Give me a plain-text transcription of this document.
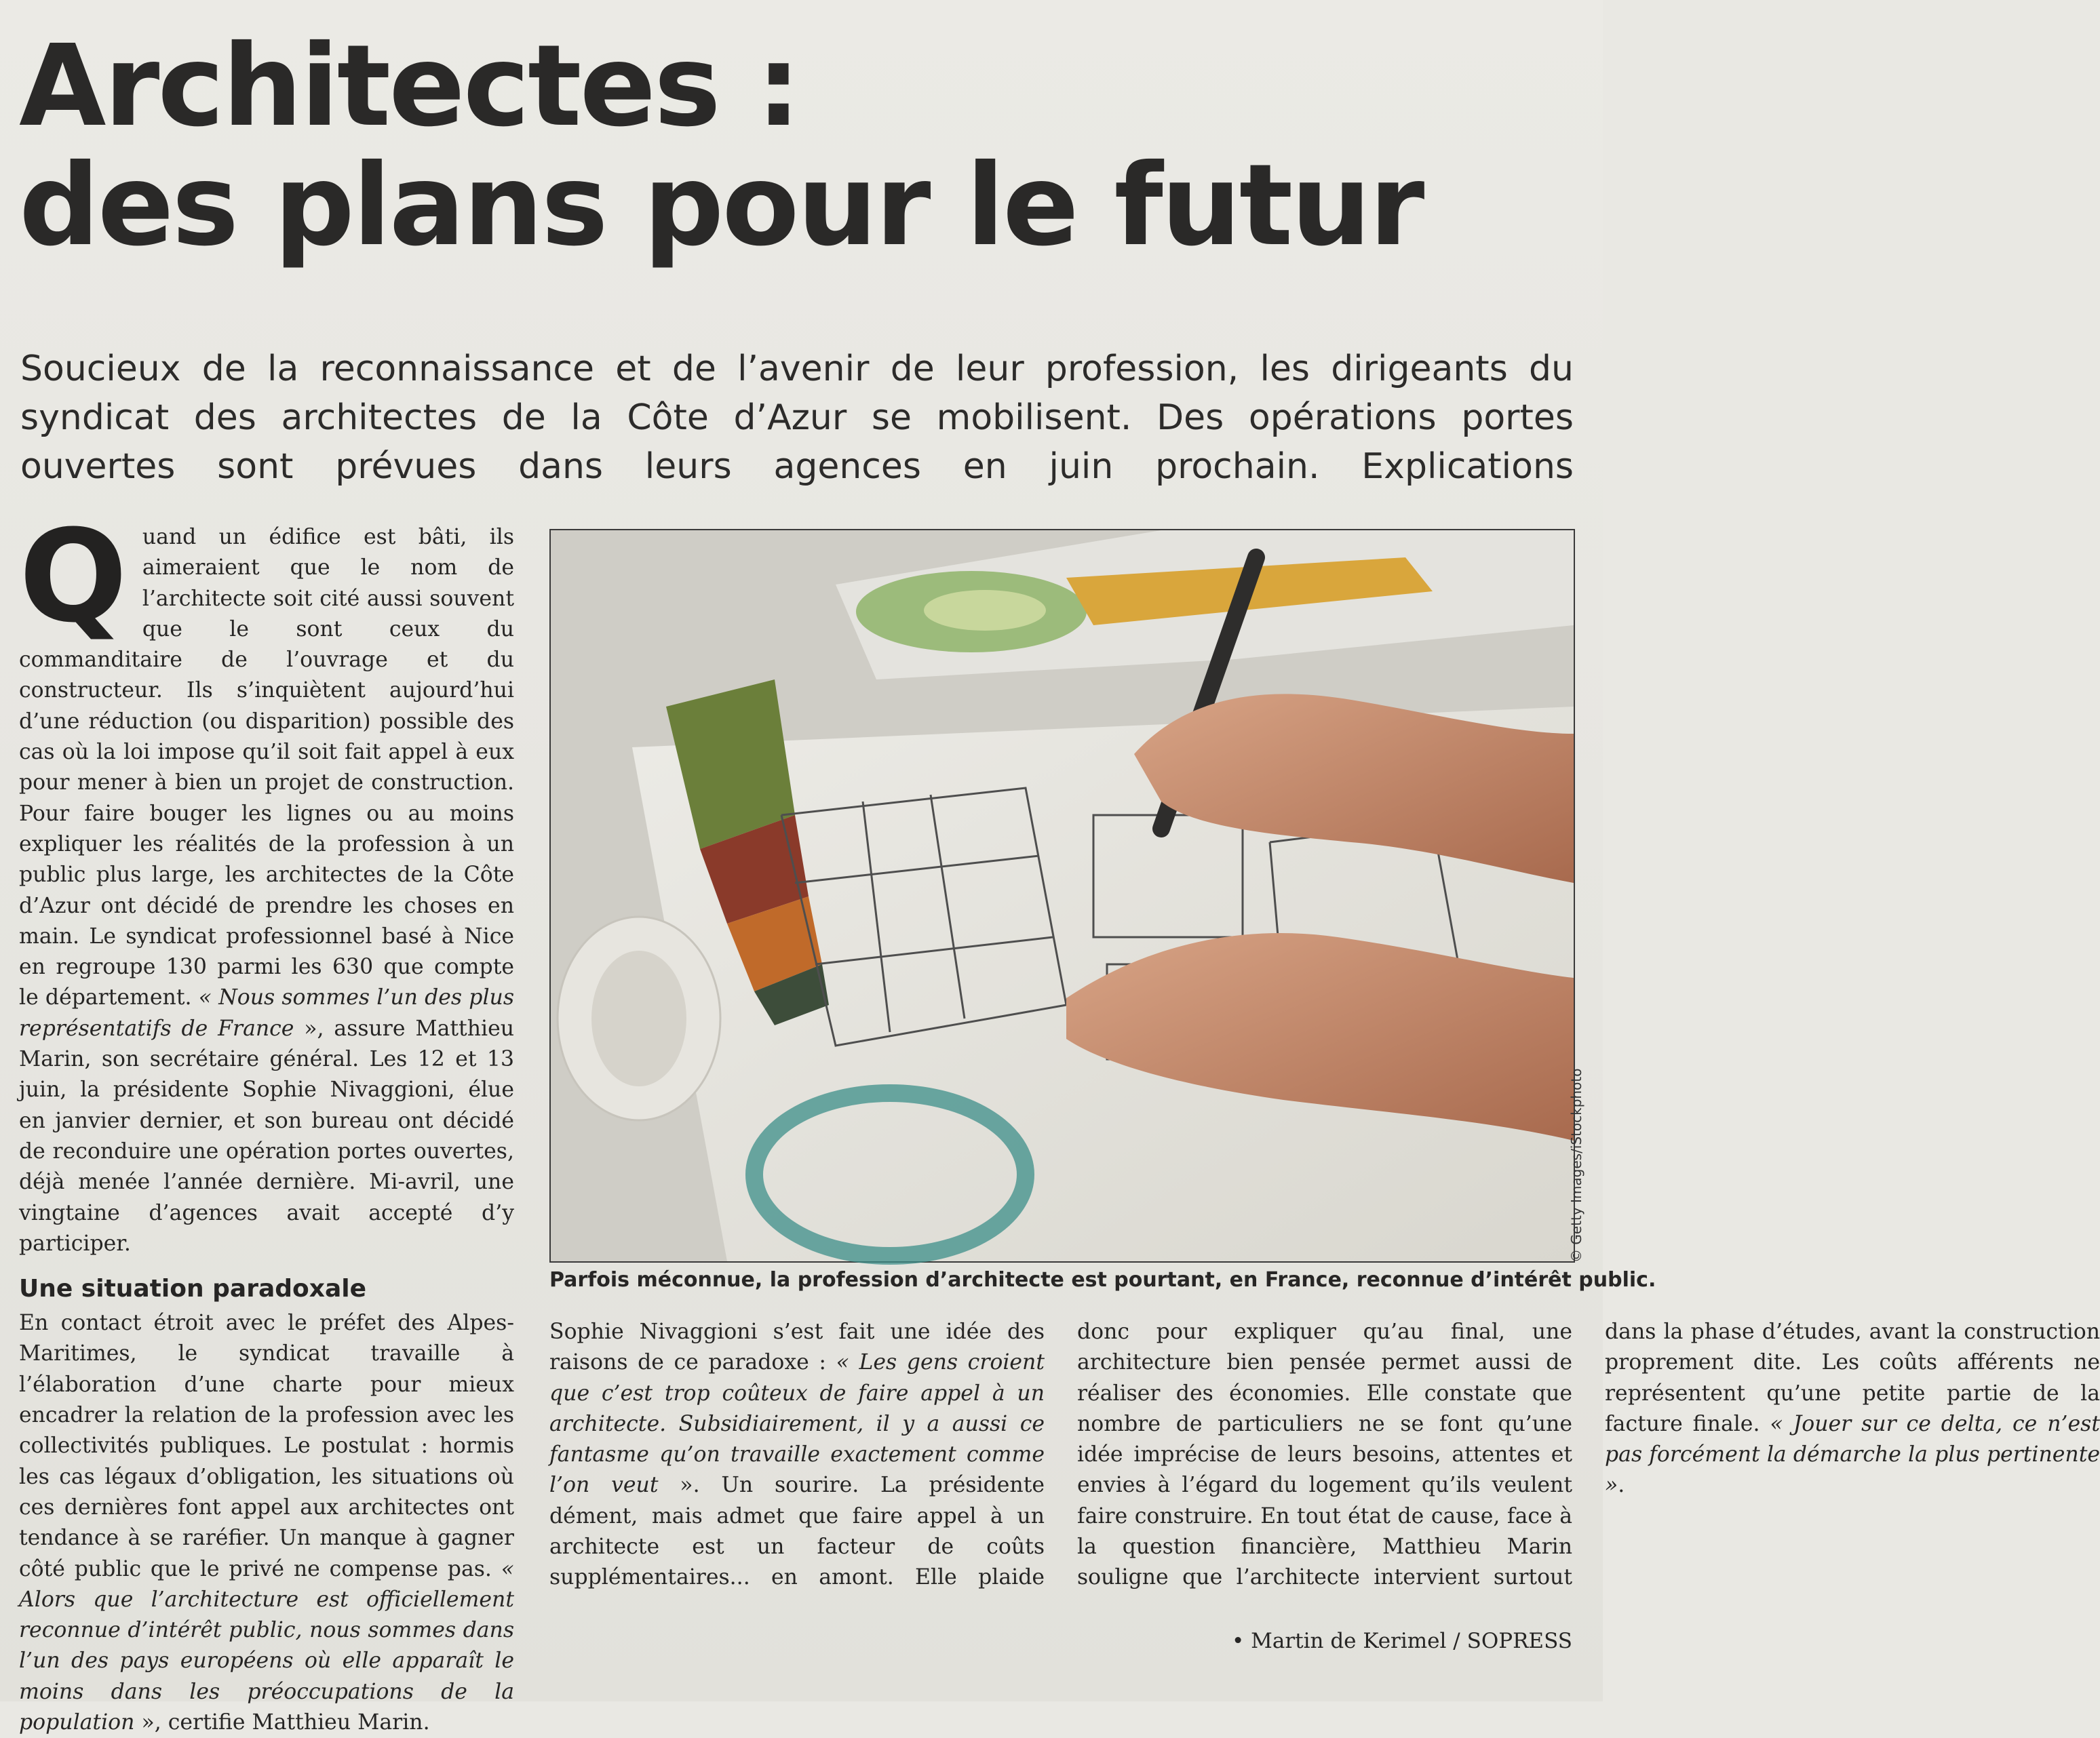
Architectes :
des plans pour le futur

Soucieux de la reconnaissance et de l’avenir de leur profession, les dirigeants du syndicat des architectes de la Côte d’Azur se mobilisent. Des opérations portes ouvertes sont prévues dans leurs agences en juin prochain. Explications

Quand un édifice est bâti, ils aimeraient que le nom de l’architecte soit cité aussi souvent que le sont ceux du commanditaire de l’ouvrage et du constructeur. Ils s’inquiètent aujourd’hui d’une réduction (ou disparition) possible des cas où la loi impose qu’il soit fait appel à eux pour mener à bien un projet de construction. Pour faire bouger les lignes ou au moins expliquer les réalités de la profession à un public plus large, les architectes de la Côte d’Azur ont décidé de prendre les choses en main. Le syndicat professionnel basé à Nice en regroupe 130 parmi les 630 que compte le département. « Nous sommes l’un des plus représentatifs de France », assure Matthieu Marin, son secrétaire général. Les 12 et 13 juin, la présidente Sophie Nivaggioni, élue en janvier dernier, et son bureau ont décidé de reconduire une opération portes ouvertes, déjà menée l’année dernière. Mi-avril, une vingtaine d’agences avait accepté d’y participer.

Une situation paradoxale

En contact étroit avec le préfet des Alpes-Maritimes, le syndicat travaille à l’élaboration d’une charte pour mieux encadrer la relation de la profession avec les collectivités publiques. Le postulat : hormis les cas légaux d’obligation, les situations où ces dernières font appel aux architectes ont tendance à se raréfier. Un manque à gagner côté public que le privé ne compense pas. « Alors que l’architecture est officiellement reconnue d’intérêt public, nous sommes dans l’un des pays européens où elle apparaît le moins dans les préoccupations de la population », certifie Matthieu Marin.

© Getty Images/iStockphoto
Parfois méconnue, la profession d’architecte est pourtant, en France, reconnue d’intérêt public.

Sophie Nivaggioni s’est fait une idée des raisons de ce paradoxe : « Les gens croient que c’est trop coûteux de faire appel à un architecte. Subsidiairement, il y a aussi ce fantasme qu’on travaille exactement comme l’on veut ». Un sourire. La présidente dément, mais admet que faire appel à un architecte est un facteur de coûts supplémentaires... en amont. Elle plaide donc pour expliquer qu’au final, une architecture bien pensée permet aussi de réaliser des économies. Elle constate que nombre de particuliers ne se font qu’une idée imprécise de leurs besoins, attentes et envies à l’égard du logement qu’ils veulent faire construire. En tout état de cause, face à la question financière, Matthieu Marin souligne que l’architecte intervient surtout dans la phase d’études, avant la construction proprement dite. Les coûts afférents ne représentent qu’une petite partie de la facture finale. « Jouer sur ce delta, ce n’est pas forcément la démarche la plus pertinente ».

• Martin de Kerimel / SOPRESS
